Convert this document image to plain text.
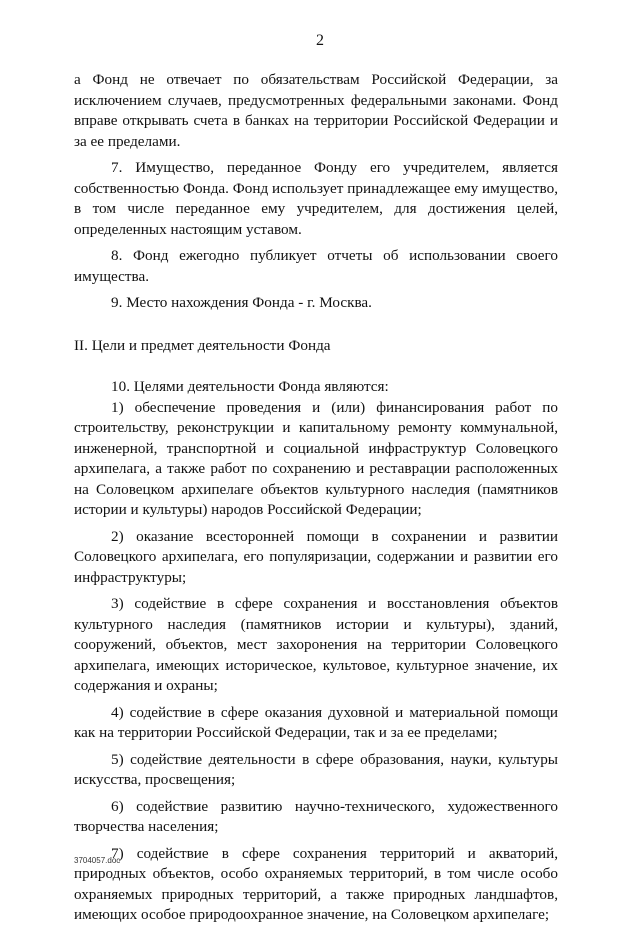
2

а Фонд не отвечает по обязательствам Российской Федерации, за исключением случаев, предусмотренных федеральными законами. Фонд вправе открывать счета в банках на территории Российской Федерации и за ее пределами.

7. Имущество, переданное Фонду его учредителем, является собственностью Фонда. Фонд использует принадлежащее ему имущество, в том числе переданное ему учредителем, для достижения целей, определенных настоящим уставом.

8. Фонд ежегодно публикует отчеты об использовании своего имущества.

9. Место нахождения Фонда - г. Москва.

II. Цели и предмет деятельности Фонда

10. Целями деятельности Фонда являются:

1) обеспечение проведения и (или) финансирования работ по строительству, реконструкции и капитальному ремонту коммунальной, инженерной, транспортной и социальной инфраструктур Соловецкого архипелага, а также работ по сохранению и реставрации расположенных на Соловецком архипелаге объектов культурного наследия (памятников истории и культуры) народов Российской Федерации;

2) оказание всесторонней помощи в сохранении и развитии Соловецкого архипелага, его популяризации, содержании и развитии его инфраструктуры;

3) содействие в сфере сохранения и восстановления объектов культурного наследия (памятников истории и культуры), зданий, сооружений, объектов, мест захоронения на территории Соловецкого архипелага, имеющих историческое, культовое, культурное значение, их содержания и охраны;

4) содействие в сфере оказания духовной и материальной помощи как на территории Российской Федерации, так и за ее пределами;

5) содействие деятельности в сфере образования, науки, культуры искусства, просвещения;

6) содействие развитию научно-технического, художественного творчества населения;

7) содействие в сфере сохранения территорий и акваторий, природных объектов, особо охраняемых территорий, в том числе особо охраняемых природных территорий, а также природных ландшафтов, имеющих особое природоохранное значение, на Соловецком архипелаге;

3704057.doc
